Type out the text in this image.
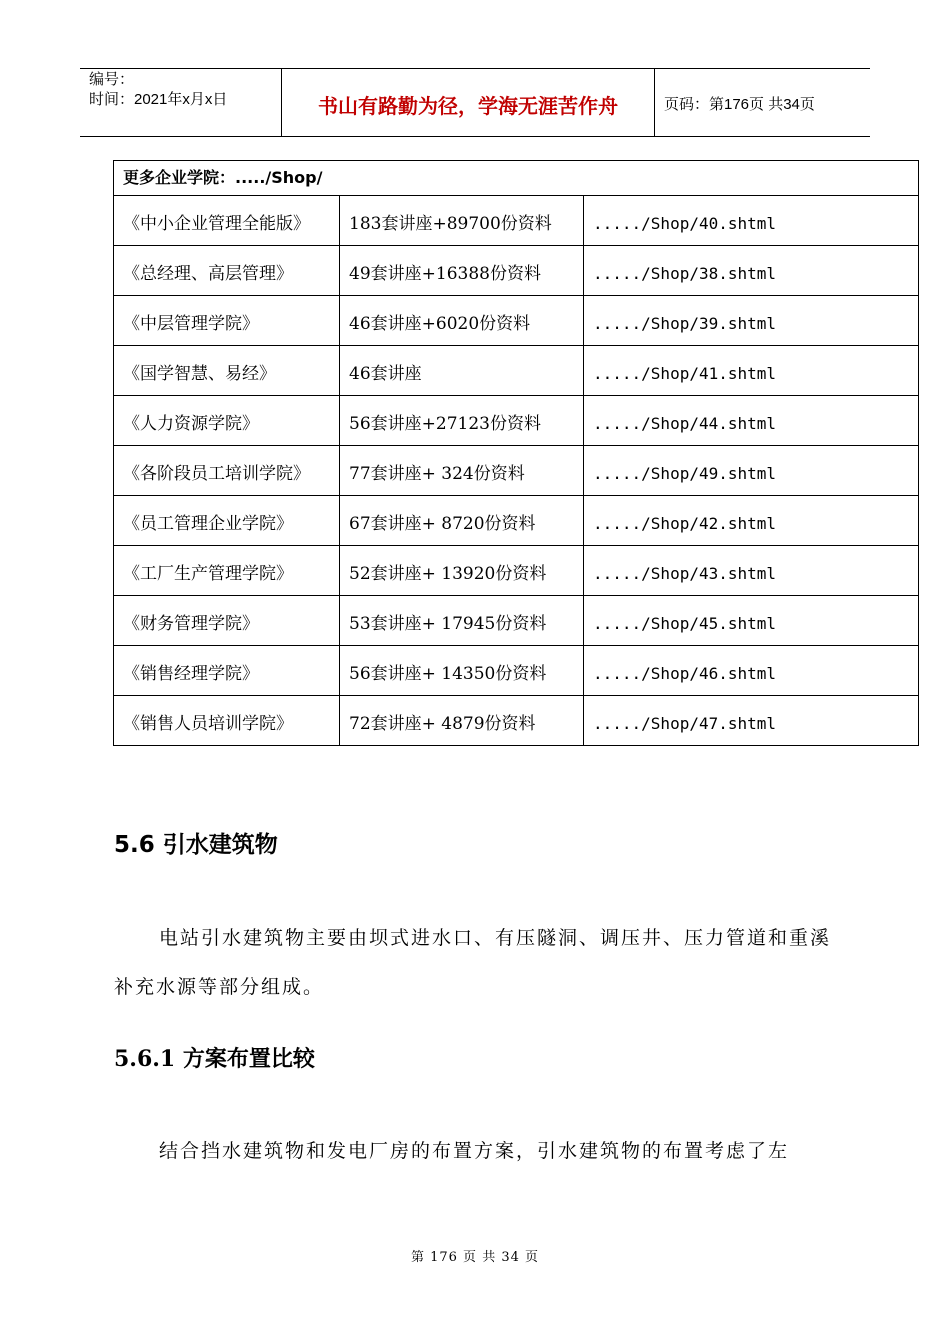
编号：
时间：2021年x月x日	书山有路勤为径，学海无涯苦作舟	页码：第176页 共34页
更多企业学院：...../Shop/		
《中小企业管理全能版》	183套讲座+89700份资料	...../Shop/40.shtml
《总经理、高层管理》	49套讲座+16388份资料	...../Shop/38.shtml
《中层管理学院》	46套讲座+6020份资料	...../Shop/39.shtml
《国学智慧、易经》	46套讲座	...../Shop/41.shtml
《人力资源学院》	56套讲座+27123份资料	...../Shop/44.shtml
《各阶段员工培训学院》	77套讲座+ 324份资料	...../Shop/49.shtml
《员工管理企业学院》	67套讲座+ 8720份资料	...../Shop/42.shtml
《工厂生产管理学院》	52套讲座+ 13920份资料	...../Shop/43.shtml
《财务管理学院》	53套讲座+ 17945份资料	...../Shop/45.shtml
《销售经理学院》	56套讲座+ 14350份资料	...../Shop/46.shtml
《销售人员培训学院》	72套讲座+ 4879份资料	...../Shop/47.shtml
5.6 引水建筑物

电站引水建筑物主要由坝式进水口、有压隧洞、调压井、压力管道和重溪补充水源等部分组成。

5.6.1 方案布置比较

结合挡水建筑物和发电厂房的布置方案，引水建筑物的布置考虑了左

第 176 页 共 34 页
